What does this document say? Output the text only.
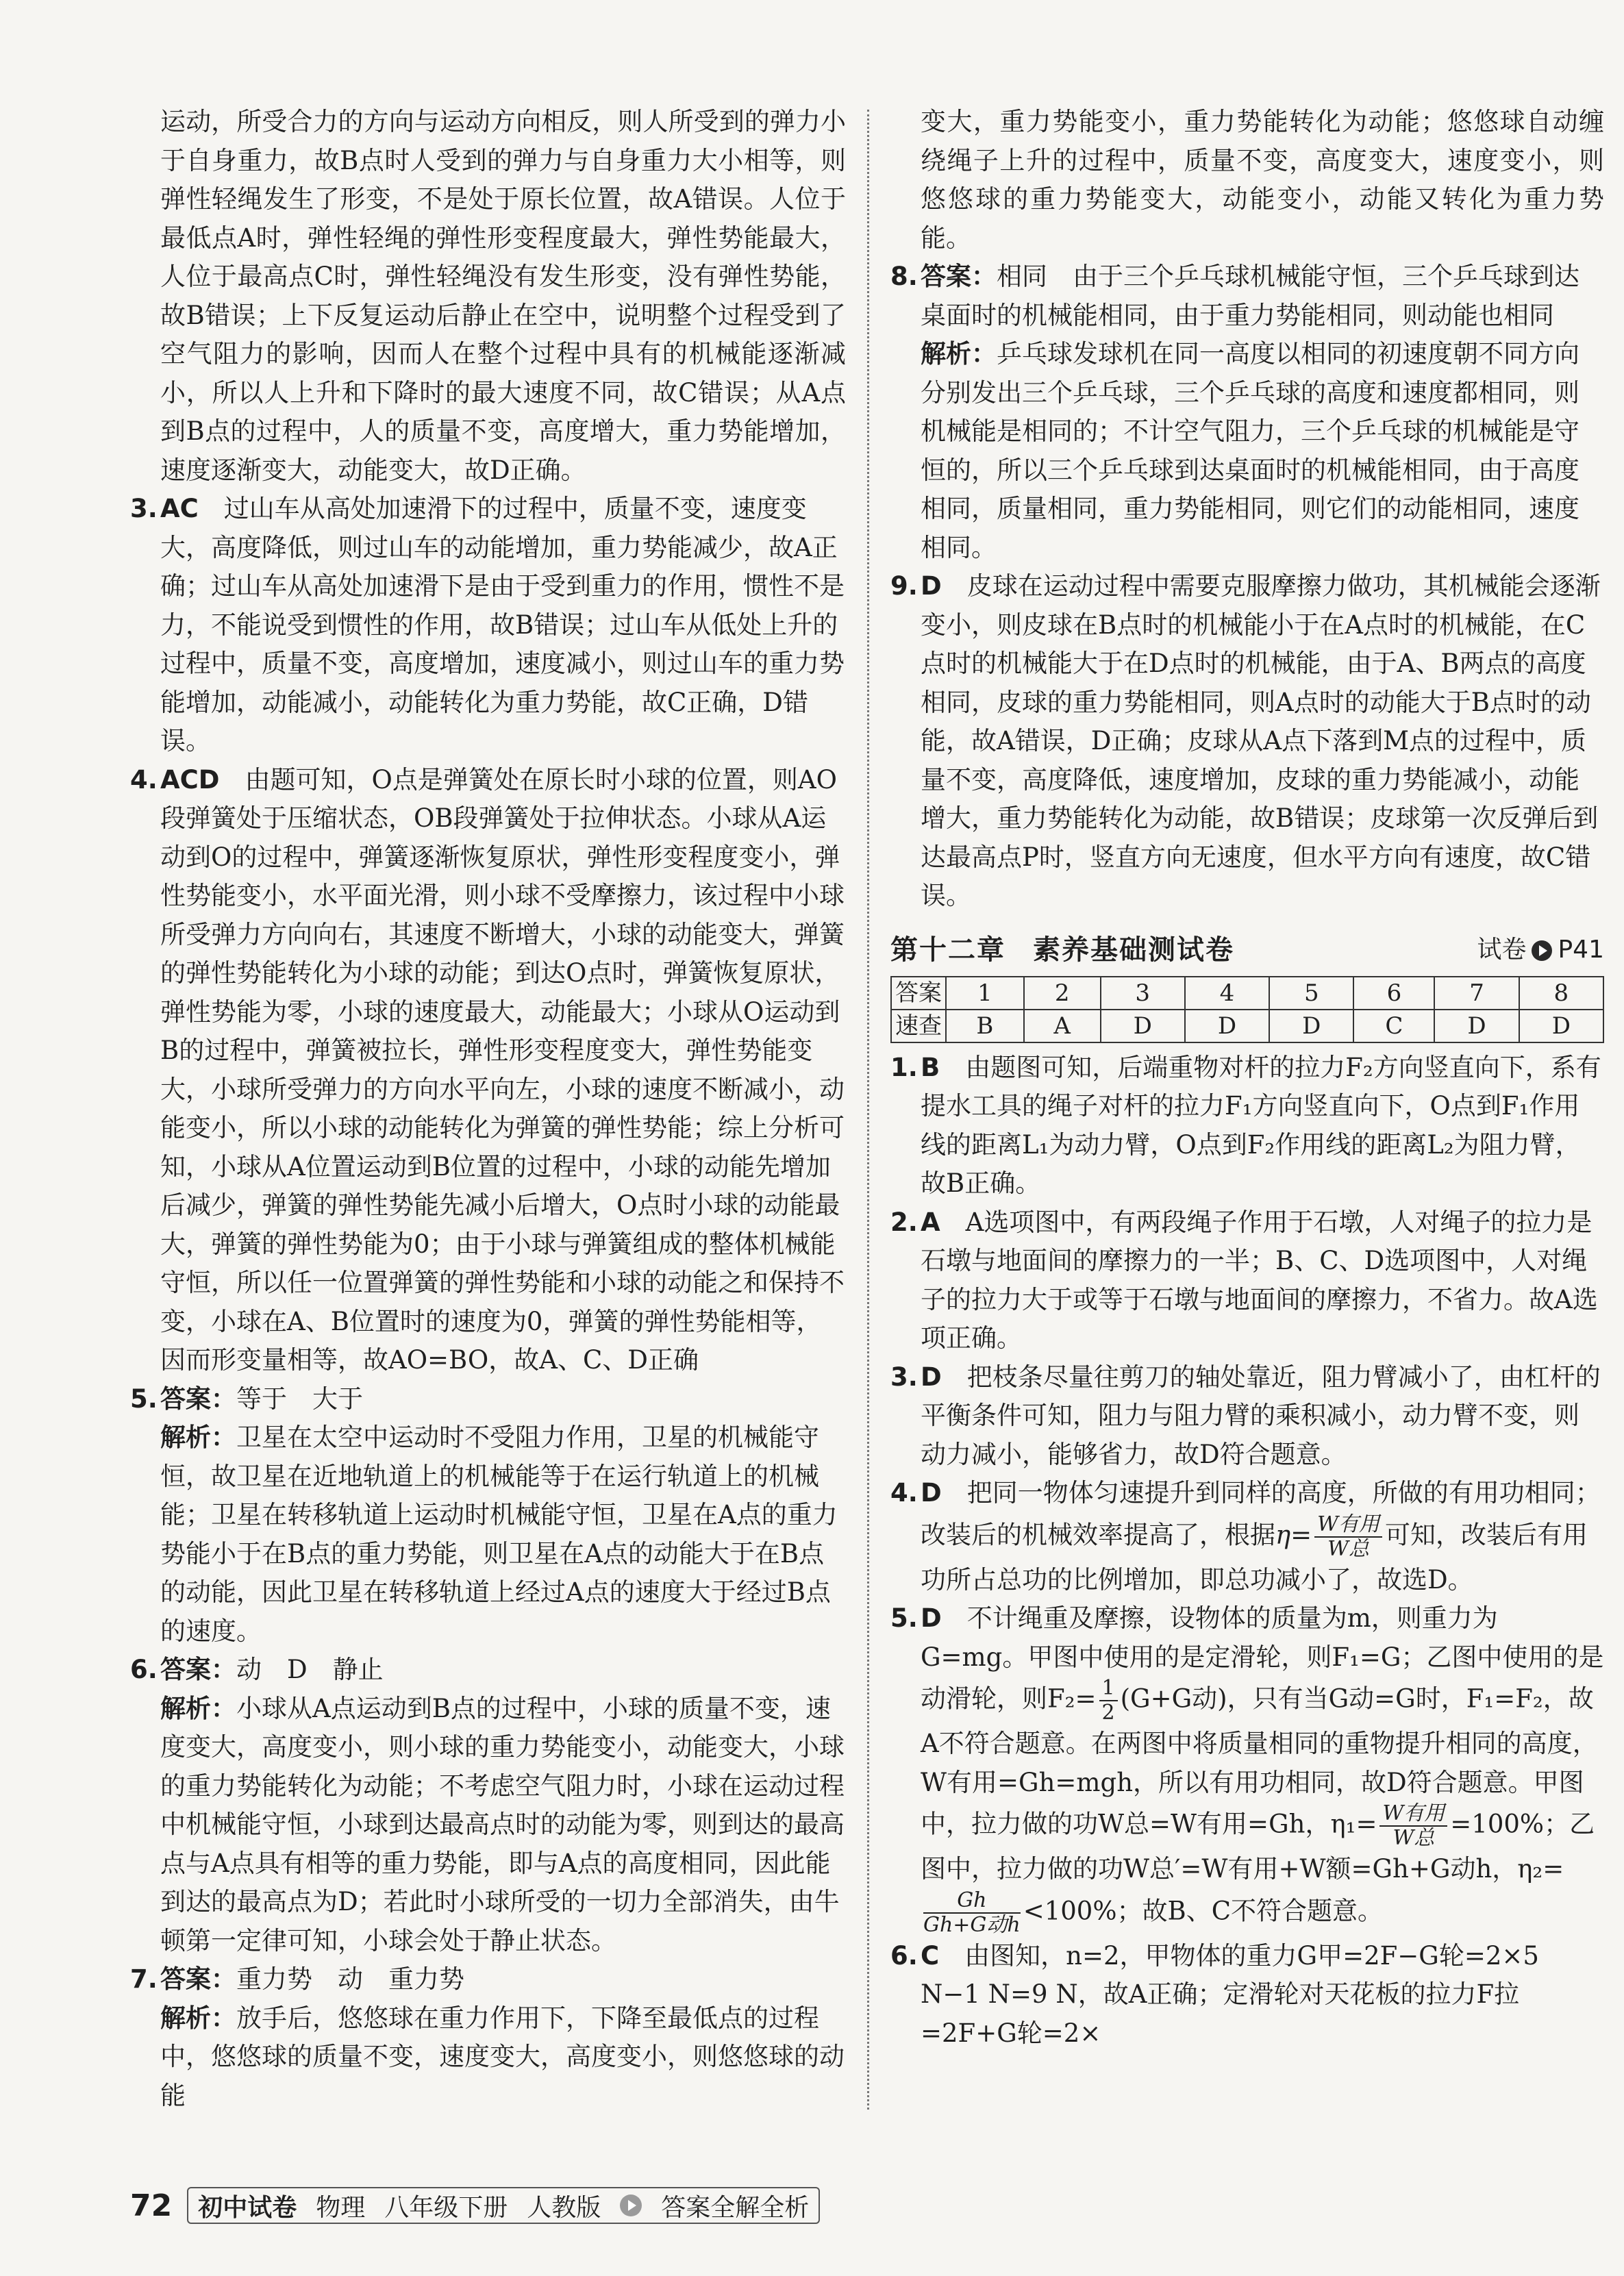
运动，所受合力的方向与运动方向相反，则人所受到的弹力小于自身重力，故B点时人受到的弹力与自身重力大小相等，则弹性轻绳发生了形变，不是处于原长位置，故A错误。人位于最低点A时，弹性轻绳的弹性形变程度最大，弹性势能最大，人位于最高点C时，弹性轻绳没有发生形变，没有弹性势能，故B错误；上下反复运动后静止在空中，说明整个过程受到了空气阻力的影响，因而人在整个过程中具有的机械能逐渐减小，所以人上升和下降时的最大速度不同，故C错误；从A点到B点的过程中，人的质量不变，高度增大，重力势能增加，速度逐渐变大，动能变大，故D正确。

3. AC　 过山车从高处加速滑下的过程中，质量不变，速度变大，高度降低，则过山车的动能增加，重力势能减少，故A正确；过山车从高处加速滑下是由于受到重力的作用，惯性不是力，不能说受到惯性的作用，故B错误；过山车从低处上升的过程中，质量不变，高度增加，速度减小，则过山车的重力势能增加，动能减小，动能转化为重力势能，故C正确，D错误。
4. ACD　 由题可知，O点是弹簧处在原长时小球的位置，则AO段弹簧处于压缩状态，OB段弹簧处于拉伸状态。小球从A运动到O的过程中，弹簧逐渐恢复原状，弹性形变程度变小，弹性势能变小，水平面光滑，则小球不受摩擦力，该过程中小球所受弹力方向向右，其速度不断增大，小球的动能变大，弹簧的弹性势能转化为小球的动能；到达O点时，弹簧恢复原状，弹性势能为零，小球的速度最大，动能最大；小球从O运动到B的过程中，弹簧被拉长，弹性形变程度变大，弹性势能变大，小球所受弹力的方向水平向左，小球的速度不断减小，动能变小，所以小球的动能转化为弹簧的弹性势能；综上分析可知，小球从A位置运动到B位置的过程中，小球的动能先增加后减少，弹簧的弹性势能先减小后增大，O点时小球的动能最大，弹簧的弹性势能为0；由于小球与弹簧组成的整体机械能守恒，所以任一位置弹簧的弹性势能和小球的动能之和保持不变，小球在A、B位置时的速度为0，弹簧的弹性势能相等，因而形变量相等，故AO=BO，故A、C、D正确
5. 答案：等于　大于
解析：卫星在太空中运动时不受阻力作用，卫星的机械能守恒，故卫星在近地轨道上的机械能等于在运行轨道上的机械能；卫星在转移轨道上运动时机械能守恒，卫星在A点的重力势能小于在B点的重力势能，则卫星在A点的动能大于在B点的动能，因此卫星在转移轨道上经过A点的速度大于经过B点的速度。
6. 答案：动　D　静止
解析：小球从A点运动到B点的过程中，小球的质量不变，速度变大，高度变小，则小球的重力势能变小，动能变大，小球的重力势能转化为动能；不考虑空气阻力时，小球在运动过程中机械能守恒，小球到达最高点时的动能为零，则到达的最高点与A点具有相等的重力势能，即与A点的高度相同，因此能到达的最高点为D；若此时小球所受的一切力全部消失，由牛顿第一定律可知，小球会处于静止状态。
7. 答案：重力势　动　重力势
解析：放手后，悠悠球在重力作用下，下降至最低点的过程中，悠悠球的质量不变，速度变大，高度变小，则悠悠球的动能

变大，重力势能变小，重力势能转化为动能；悠悠球自动缠绕绳子上升的过程中，质量不变，高度变大，速度变小，则悠悠球的重力势能变大，动能变小，动能又转化为重力势能。

8. 答案：相同　由于三个乒乓球机械能守恒，三个乒乓球到达桌面时的机械能相同，由于重力势能相同，则动能也相同
解析：乒乓球发球机在同一高度以相同的初速度朝不同方向分别发出三个乒乓球，三个乒乓球的高度和速度都相同，则机械能是相同的；不计空气阻力，三个乒乓球的机械能是守恒的，所以三个乒乓球到达桌面时的机械能相同，由于高度相同，质量相同，重力势能相同，则它们的动能相同，速度相同。
9. D　 皮球在运动过程中需要克服摩擦力做功，其机械能会逐渐变小，则皮球在B点时的机械能小于在A点时的机械能，在C点时的机械能大于在D点时的机械能，由于A、B两点的高度相同，皮球的重力势能相同，则A点时的动能大于B点时的动能，故A错误，D正确；皮球从A点下落到M点的过程中，质量不变，高度降低，速度增加，皮球的重力势能减小，动能增大，重力势能转化为动能，故B错误；皮球第一次反弹后到达最高点P时，竖直方向无速度，但水平方向有速度，故C错误。
第十二章 素养基础测试卷	试卷 P41
答案	1	2	3	4	5	6	7	8
速查	B	A	D	D	D	C	D	D
1. B　 由题图可知，后端重物对杆的拉力F₂方向竖直向下，系有提水工具的绳子对杆的拉力F₁方向竖直向下，O点到F₁作用线的距离L₁为动力臂，O点到F₂作用线的距离L₂为阻力臂，故B正确。
2. A　 A选项图中，有两段绳子作用于石墩，人对绳子的拉力是石墩与地面间的摩擦力的一半；B、C、D选项图中，人对绳子的拉力大于或等于石墩与地面间的摩擦力，不省力。故A选项正确。
3. D　 把枝条尽量往剪刀的轴处靠近，阻力臂减小了，由杠杆的平衡条件可知，阻力与阻力臂的乘积减小，动力臂不变，则动力减小，能够省力，故D符合题意。
4. D　 把同一物体匀速提升到同样的高度，所做的有用功相同；改装后的机械效率提高了，根据$\eta= \frac{\text{W有用}}{\text{W总}}$ 可知，改装后有用功所占总功的比例增加，即总功减小了，故选D。
5. D　 不计绳重及摩擦，设物体的质量为m，则重力为G=mg。甲图中使用的是定滑轮，则F₁=G；乙图中使用的是动滑轮，则$F_2= \frac{1}{2} (G+G$动)，只有当G动=G时，F₁=F₂，故A不符合题意。在两图中将质量相同的重物提升相同的高度，W有用=Gh=mgh，所以有用功相同，故D符合题意。甲图中，拉力做的功W总=W有用=Gh，$\eta_1= \frac{\text{W有用}}{\text{W总}} =100\%$；乙图中，拉力做的功W总′=W有用+W额=Gh+G动h，η₂=
$\frac{Gh}{\text{Gh+G动h}} <100\%$；故B、C不符合题意。
6. C　 由图知，n=2，甲物体的重力G甲=2F−G轮=2×5 N−1 N=9 N，故A正确；定滑轮对天花板的拉力F拉=2F+G轮=2×
72 初中试卷 物理 八年级下册 人教版 答案全解全析
